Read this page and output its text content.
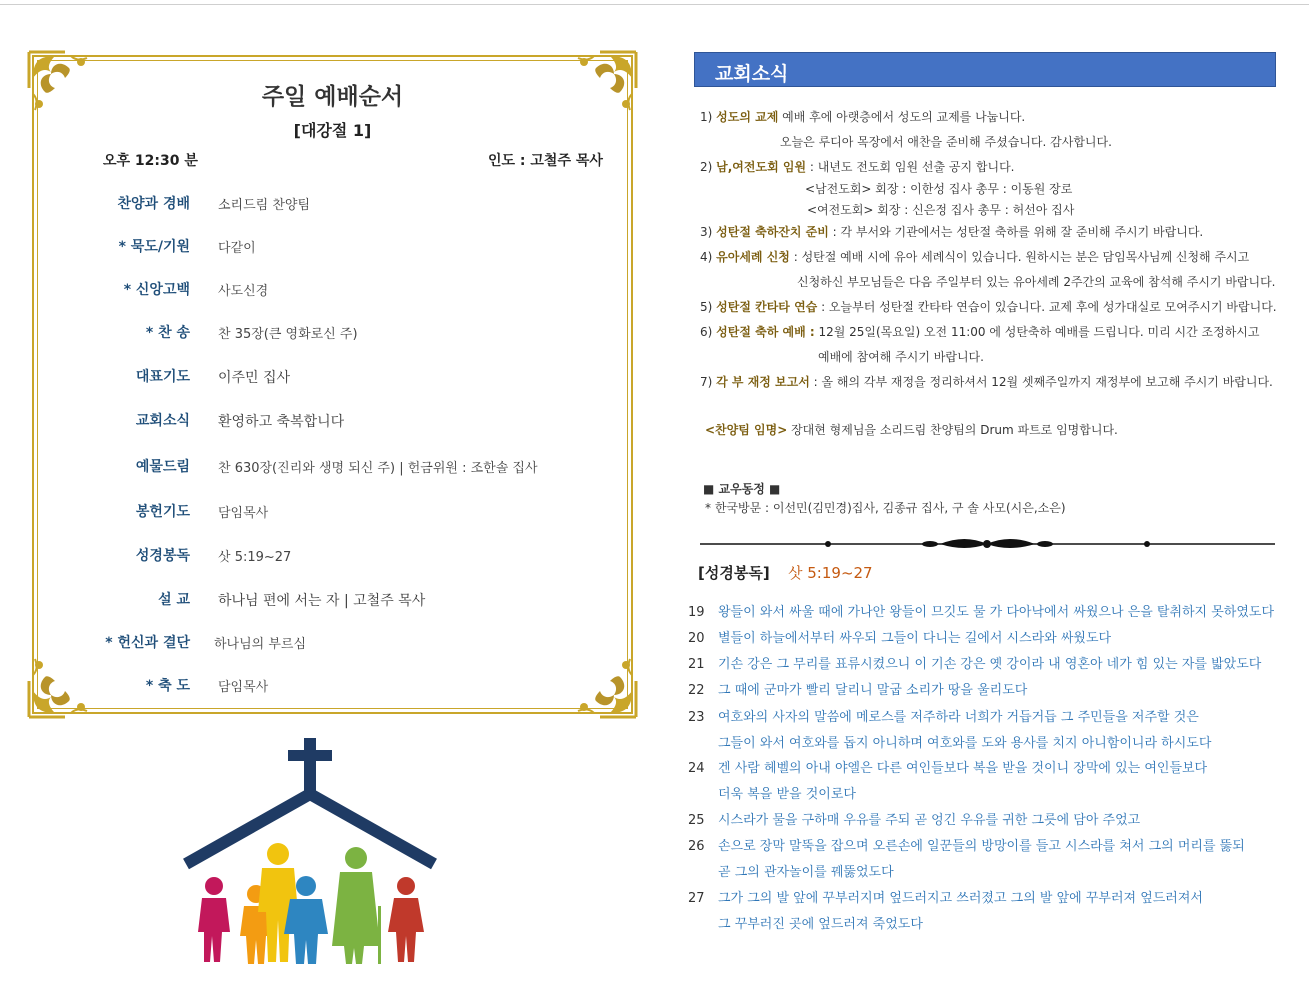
주일 예배순서
[대강절 1]
오후 12:30 분	인도 : 고철주 목사
찬양과 경배 소리드림 찬양팀
* 묵도/기원 다같이
* 신앙고백 사도신경
* 찬 송 찬 35장(큰 영화로신 주)
대표기도 이주민 집사
교회소식 환영하고 축복합니다
예물드림 찬 630장(진리와 생명 되신 주) | 헌금위원 : 조한솔 집사
봉헌기도 담임목사
성경봉독 삿 5:19~27
설 교 하나님 편에 서는 자 | 고철주 목사
* 헌신과 결단 하나님의 부르심
* 축 도 담임목사
교회소식
1) 성도의 교제 예배 후에 아랫층에서 성도의 교제를 나눕니다.
오늘은 루디아 목장에서 애찬을 준비해 주셨습니다. 감사합니다.
2) 남,여전도회 임원 : 내년도 전도회 임원 선출 공지 합니다.
<남전도회> 회장 : 이한성 집사 총무 : 이동원 장로
<여전도회> 회장 : 신은정 집사 총무 : 허선아 집사
3) 성탄절 축하잔치 준비 : 각 부서와 기관에서는 성탄절 축하를 위해 잘 준비해 주시기 바랍니다.
4) 유아세례 신청 : 성탄절 예배 시에 유아 세례식이 있습니다. 원하시는 분은 담임목사님께 신청해 주시고
신청하신 부모님들은 다음 주일부터 있는 유아세례 2주간의 교육에 참석해 주시기 바랍니다.
5) 성탄절 칸타타 연습 : 오늘부터 성탄절 칸타타 연습이 있습니다. 교제 후에 성가대실로 모여주시기 바랍니다.
6) 성탄절 축하 예배 : 12월 25일(목요일) 오전 11:00 에 성탄축하 예배를 드립니다. 미리 시간 조정하시고
예배에 참여해 주시기 바랍니다.
7) 각 부 재정 보고서 : 올 해의 각부 재정을 정리하셔서 12월 셋째주일까지 재정부에 보고해 주시기 바랍니다.
<찬양팀 임명> 장대현 형제님을 소리드림 찬양팀의 Drum 파트로 임명합니다.
■ 교우동정 ■
* 한국방문 : 이선민(김민경)집사, 김종규 집사, 구 솔 사모(시은,소은)
[성경봉독] 삿 5:19~27
19 왕들이 와서 싸울 때에 가나안 왕들이 므깃도 물 가 다아낙에서 싸웠으나 은을 탈취하지 못하였도다
20 별들이 하늘에서부터 싸우되 그들이 다니는 길에서 시스라와 싸웠도다
21 기손 강은 그 무리를 표류시켰으니 이 기손 강은 옛 강이라 내 영혼아 네가 힘 있는 자를 밟았도다
22 그 때에 군마가 빨리 달리니 말굽 소리가 땅을 울리도다
23 여호와의 사자의 말씀에 메로스를 저주하라 너희가 거듭거듭 그 주민들을 저주할 것은
그들이 와서 여호와를 돕지 아니하며 여호와를 도와 용사를 치지 아니함이니라 하시도다
24 겐 사람 헤벨의 아내 야엘은 다른 여인들보다 복을 받을 것이니 장막에 있는 여인들보다
더욱 복을 받을 것이로다
25 시스라가 물을 구하매 우유를 주되 곧 엉긴 우유를 귀한 그릇에 담아 주었고
26 손으로 장막 말뚝을 잡으며 오른손에 일꾼들의 방망이를 들고 시스라를 쳐서 그의 머리를 뚫되
곧 그의 관자놀이를 꿰뚫었도다
27 그가 그의 발 앞에 꾸부러지며 엎드러지고 쓰러졌고 그의 발 앞에 꾸부러져 엎드러져서
그 꾸부러진 곳에 엎드러져 죽었도다
